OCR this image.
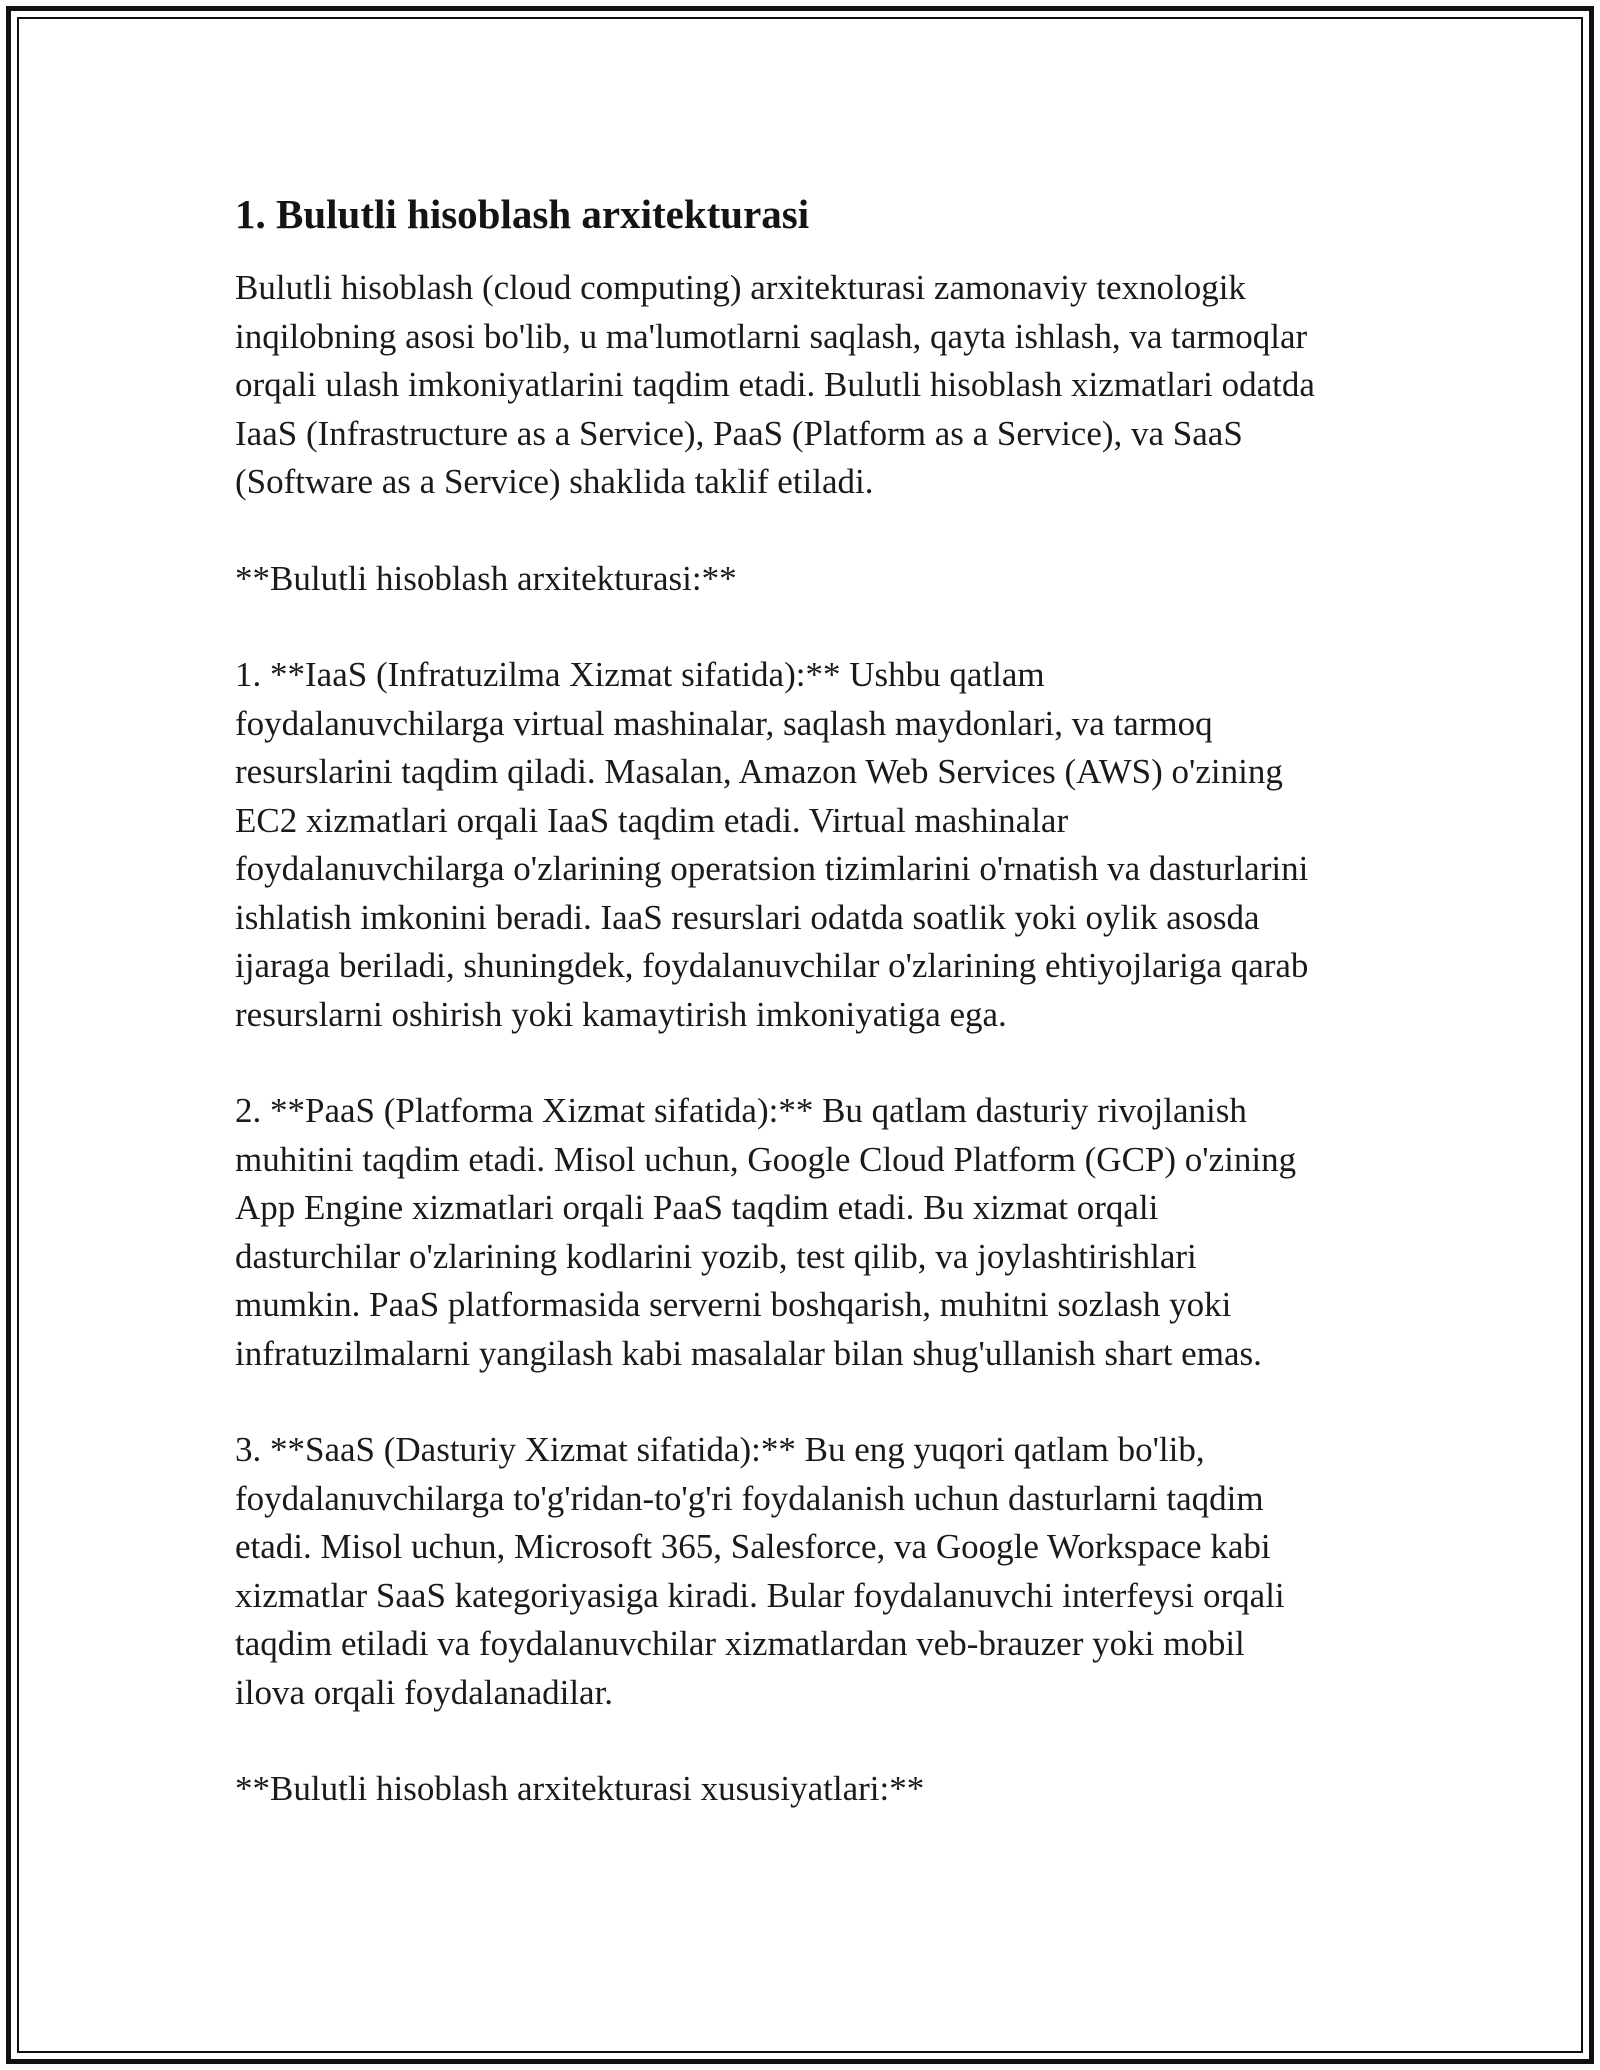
1. Bulutli hisoblash arxitekturasi
Bulutli hisoblash (cloud computing) arxitekturasi zamonaviy texnologik
inqilobning asosi bo'lib, u ma'lumotlarni saqlash, qayta ishlash, va tarmoqlar
orqali ulash imkoniyatlarini taqdim etadi. Bulutli hisoblash xizmatlari odatda
IaaS (Infrastructure as a Service), PaaS (Platform as a Service), va SaaS
(Software as a Service) shaklida taklif etiladi.
**Bulutli hisoblash arxitekturasi:**
1. **IaaS (Infratuzilma Xizmat sifatida):** Ushbu qatlam
foydalanuvchilarga virtual mashinalar, saqlash maydonlari, va tarmoq
resurslarini taqdim qiladi. Masalan, Amazon Web Services (AWS) o'zining
EC2 xizmatlari orqali IaaS taqdim etadi. Virtual mashinalar
foydalanuvchilarga o'zlarining operatsion tizimlarini o'rnatish va dasturlarini
ishlatish imkonini beradi. IaaS resurslari odatda soatlik yoki oylik asosda
ijaraga beriladi, shuningdek, foydalanuvchilar o'zlarining ehtiyojlariga qarab
resurslarni oshirish yoki kamaytirish imkoniyatiga ega.
2. **PaaS (Platforma Xizmat sifatida):** Bu qatlam dasturiy rivojlanish
muhitini taqdim etadi. Misol uchun, Google Cloud Platform (GCP) o'zining
App Engine xizmatlari orqali PaaS taqdim etadi. Bu xizmat orqali
dasturchilar o'zlarining kodlarini yozib, test qilib, va joylashtirishlari
mumkin. PaaS platformasida serverni boshqarish, muhitni sozlash yoki
infratuzilmalarni yangilash kabi masalalar bilan shug'ullanish shart emas.
3. **SaaS (Dasturiy Xizmat sifatida):** Bu eng yuqori qatlam bo'lib,
foydalanuvchilarga to'g'ridan-to'g'ri foydalanish uchun dasturlarni taqdim
etadi. Misol uchun, Microsoft 365, Salesforce, va Google Workspace kabi
xizmatlar SaaS kategoriyasiga kiradi. Bular foydalanuvchi interfeysi orqali
taqdim etiladi va foydalanuvchilar xizmatlardan veb-brauzer yoki mobil
ilova orqali foydalanadilar.
**Bulutli hisoblash arxitekturasi xususiyatlari:**
